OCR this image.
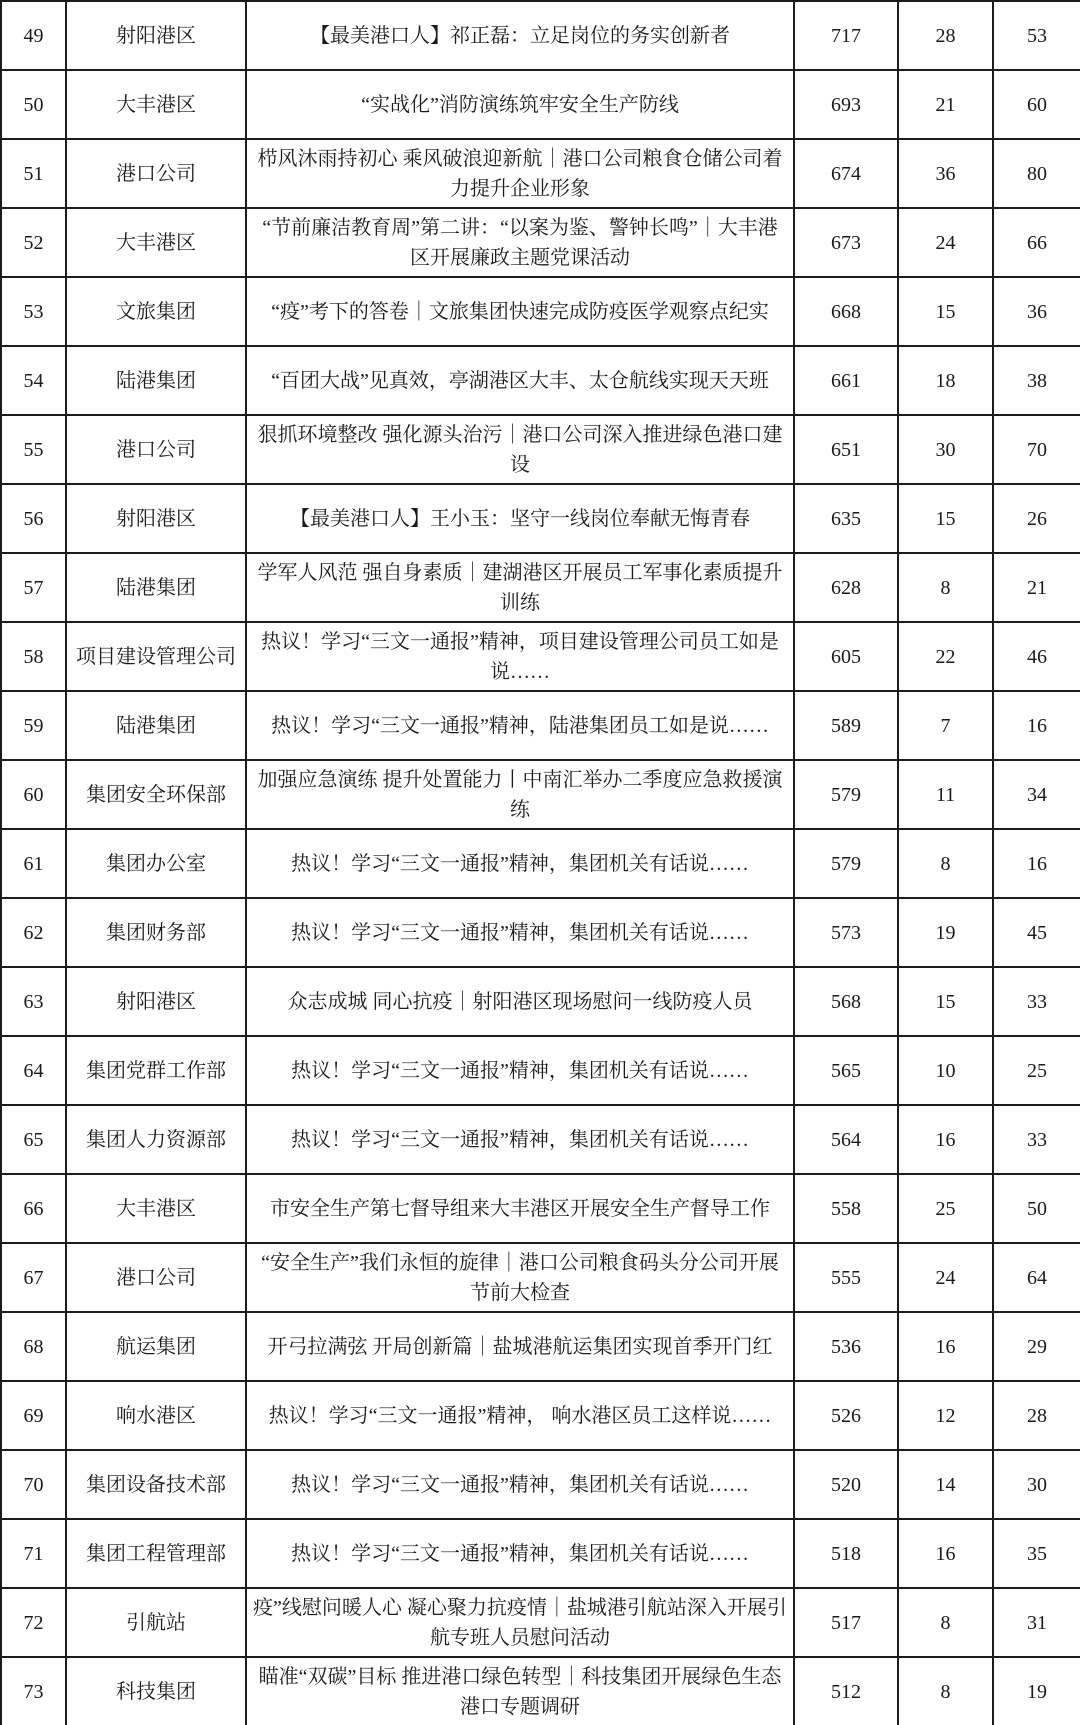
49	射阳港区	【最美港口人】祁正磊：立足岗位的务实创新者	717	28	53
50	大丰港区	“实战化”消防演练筑牢安全生产防线	693	21	60
51	港口公司	栉风沐雨持初心 乘风破浪迎新航｜港口公司粮食仓储公司着力提升企业形象	674	36	80
52	大丰港区	“节前廉洁教育周”第二讲：“以案为鉴、警钟长鸣”｜大丰港区开展廉政主题党课活动	673	24	66
53	文旅集团	“疫”考下的答卷｜文旅集团快速完成防疫医学观察点纪实	668	15	36
54	陆港集团	“百团大战”见真效，亭湖港区大丰、太仓航线实现天天班	661	18	38
55	港口公司	狠抓环境整改 强化源头治污｜港口公司深入推进绿色港口建设	651	30	70
56	射阳港区	【最美港口人】王小玉：坚守一线岗位奉献无悔青春	635	15	26
57	陆港集团	学军人风范 强自身素质｜建湖港区开展员工军事化素质提升训练	628	8	21
58	项目建设管理公司	热议！学习“三文一通报”精神，项目建设管理公司员工如是说……	605	22	46
59	陆港集团	热议！学习“三文一通报”精神，陆港集团员工如是说……	589	7	16
60	集团安全环保部	加强应急演练 提升处置能力丨中南汇举办二季度应急救援演练	579	11	34
61	集团办公室	热议！学习“三文一通报”精神，集团机关有话说……	579	8	16
62	集团财务部	热议！学习“三文一通报”精神，集团机关有话说……	573	19	45
63	射阳港区	众志成城 同心抗疫｜射阳港区现场慰问一线防疫人员	568	15	33
64	集团党群工作部	热议！学习“三文一通报”精神，集团机关有话说……	565	10	25
65	集团人力资源部	热议！学习“三文一通报”精神，集团机关有话说……	564	16	33
66	大丰港区	市安全生产第七督导组来大丰港区开展安全生产督导工作	558	25	50
67	港口公司	“安全生产”我们永恒的旋律｜港口公司粮食码头分公司开展节前大检查	555	24	64
68	航运集团	开弓拉满弦 开局创新篇｜盐城港航运集团实现首季开门红	536	16	29
69	响水港区	热议！学习“三文一通报”精神， 响水港区员工这样说……	526	12	28
70	集团设备技术部	热议！学习“三文一通报”精神，集团机关有话说……	520	14	30
71	集团工程管理部	热议！学习“三文一通报”精神，集团机关有话说……	518	16	35
72	引航站	疫”线慰问暖人心 凝心聚力抗疫情｜盐城港引航站深入开展引航专班人员慰问活动	517	8	31
73	科技集团	瞄准“双碳”目标 推进港口绿色转型｜科技集团开展绿色生态港口专题调研	512	8	19
